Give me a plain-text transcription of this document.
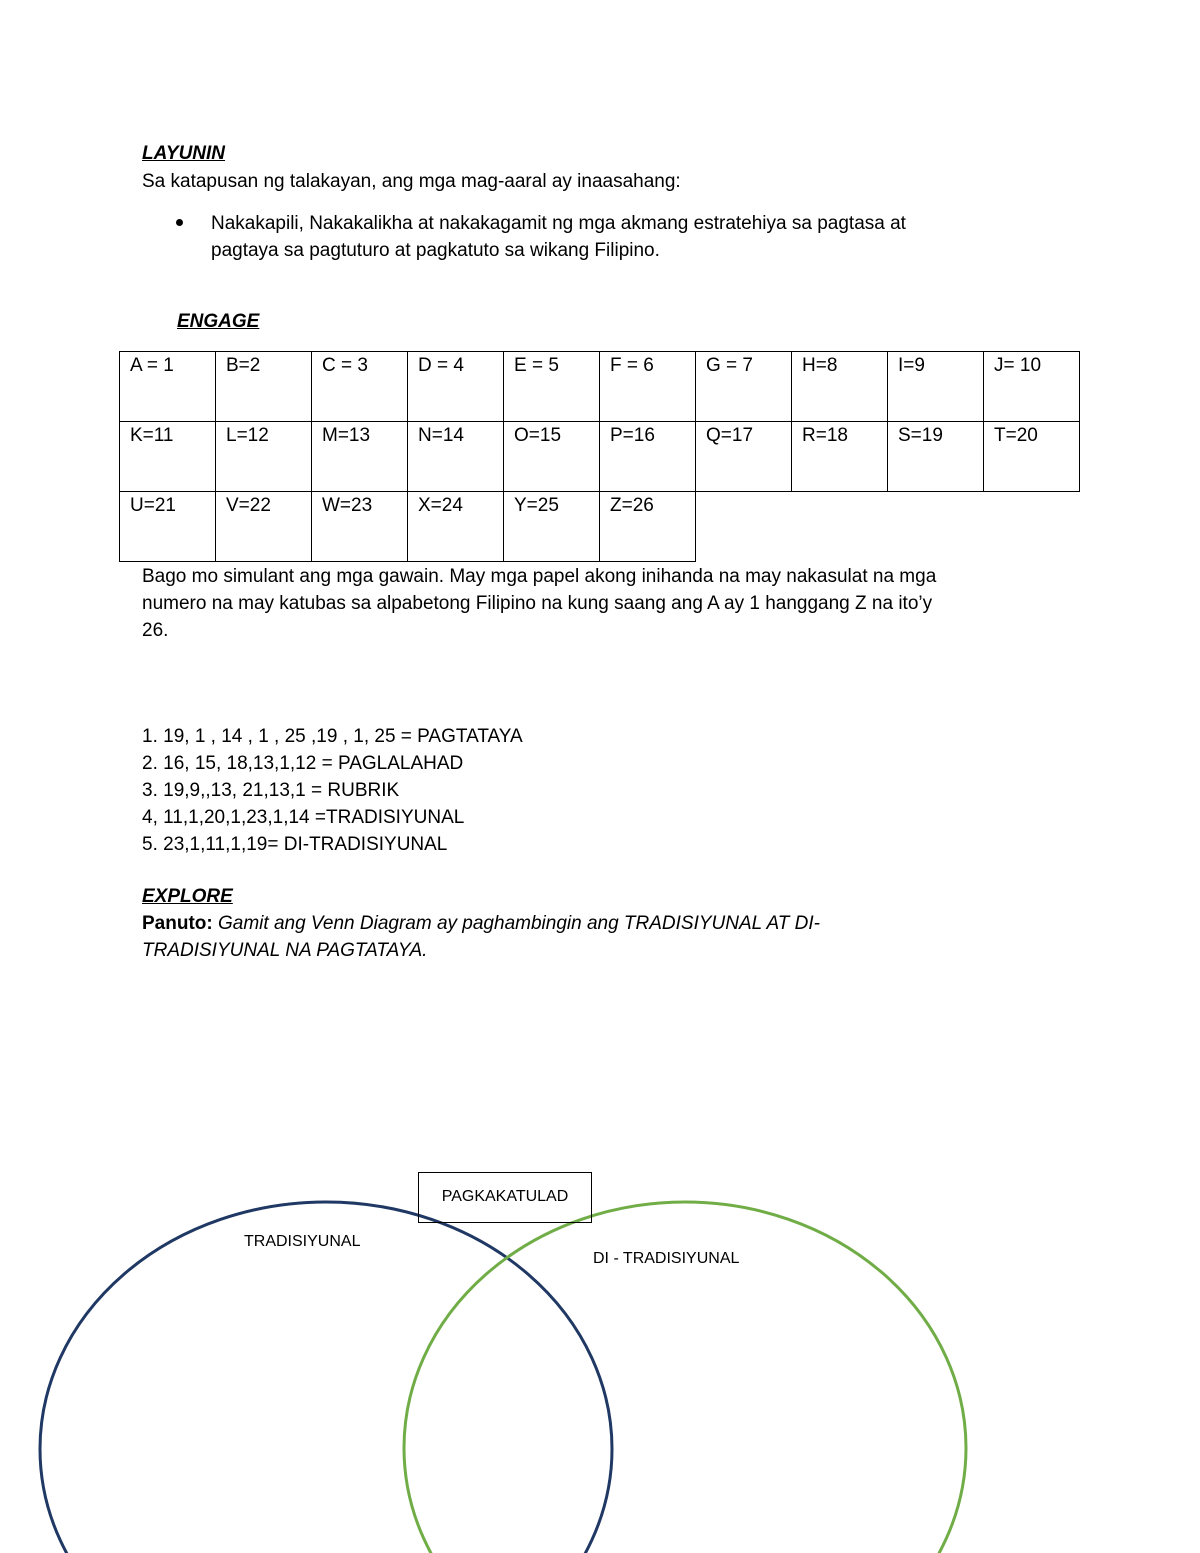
LAYUNIN
Sa katapusan ng talakayan, ang mga mag-aaral ay inaasahang:
Nakakapili, Nakakalikha at nakakagamit ng mga akmang estratehiya sa pagtasa at
pagtaya sa pagtuturo at pagkatuto sa wikang Filipino.
ENGAGE
A = 1	B=2	C = 3	D = 4	E = 5	F = 6	G = 7	H=8	I=9	J= 10
K=11	L=12	M=13	N=14	O=15	P=16	Q=17	R=18	S=19	T=20
U=21	V=22	W=23	X=24	Y=25	Z=26				
Bago mo simulant ang mga gawain. May mga papel akong inihanda na may nakasulat na mga
numero na may katubas sa alpabetong Filipino na kung saang ang A ay 1 hanggang Z na ito’y
26.
1. 19, 1 , 14 , 1 , 25 ,19 , 1, 25 = PAGTATAYA
2. 16, 15, 18,13,1,12 = PAGLALAHAD
3. 19,9,,13, 21,13,1 = RUBRIK
4, 11,1,20,1,23,1,14 =TRADISIYUNAL
5. 23,1,11,1,19= DI-TRADISIYUNAL
EXPLORE
Panuto: Gamit ang Venn Diagram ay paghambingin ang TRADISIYUNAL AT DI-
TRADISIYUNAL NA PAGTATAYA.
PAGKAKATULAD
TRADISIYUNAL
DI - TRADISIYUNAL
